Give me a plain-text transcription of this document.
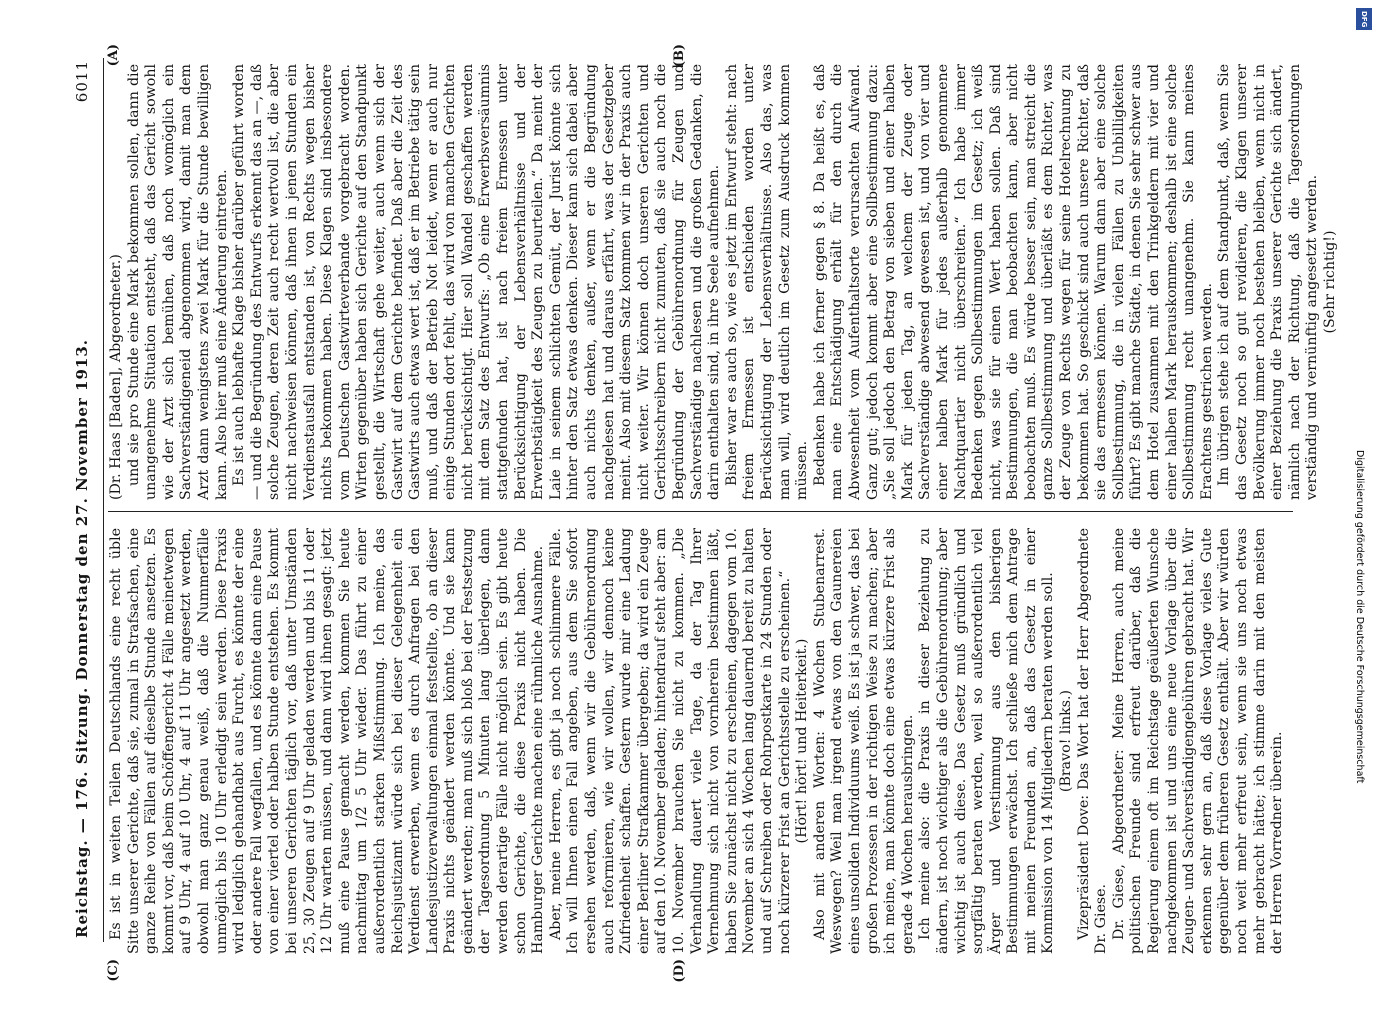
Reichstag. — 176. Sitzung. Donnerstag den 27. November 1913.
6011
(A)	(B)
(C)	(D)

(Dr. Haas [Baden], Abgeordneter.) und sie pro Stunde eine Mark bekommen sollen, dann die unangenehme Situation entsteht, daß das Gericht sowohl wie der Arzt sich bemühen, daß noch womöglich ein Sachverständigeneid abgenommen wird, damit man dem Arzt dann wenigstens zwei Mark für die Stunde bewilligen kann. Also hier muß eine Änderung eintreten. Es ist auch lebhafte Klage bisher darüber geführt worden — und die Begründung des Entwurfs erkennt das an —, daß solche Zeugen, deren Zeit auch recht wertvoll ist, die aber nicht nachweisen können, daß ihnen in jenen Stunden ein Verdienstausfall entstanden ist, von Rechts wegen bisher nichts bekommen haben. Diese Klagen sind insbesondere vom Deutschen Gastwirteverbande vorgebracht worden. Wirten gegenüber haben sich Gerichte auf den Standpunkt gestellt, die Wirtschaft gehe weiter, auch wenn sich der Gastwirt auf dem Gerichte befindet. Daß aber die Zeit des Gastwirts auch etwas wert ist, daß er im Betriebe tätig sein muß, und daß der Betrieb Not leidet, wenn er auch nur einige Stunden dort fehlt, das wird von manchen Gerichten nicht berücksichtigt. Hier soll Wandel geschaffen werden mit dem Satz des Entwurfs: „Ob eine Erwerbsversäumnis stattgefunden hat, ist nach freiem Ermessen unter Berücksichtigung der Lebensverhältnisse und der Erwerbstätigkeit des Zeugen zu beurteilen.“ Da meint der Laie in seinem schlichten Gemüt, der Jurist könnte sich hinter den Satz etwas denken. Dieser kann sich dabei aber auch nichts denken, außer, wenn er die Begründung nachgelesen hat und daraus erfährt, was der Gesetzgeber meint. Also mit diesem Satz kommen wir in der Praxis auch nicht weiter. Wir können doch unseren Gerichten und Gerichtsschreibern nicht zumuten, daß sie auch noch die Begründung der Gebührenordnung für Zeugen und Sachverständige nachlesen und die großen Gedanken, die darin enthalten sind, in ihre Seele aufnehmen. Bisher war es auch so, wie es jetzt im Entwurf steht: nach freiem Ermessen ist entschieden worden unter Berücksichtigung der Lebensverhältnisse. Also das, was man will, wird deutlich im Gesetz zum Ausdruck kommen müssen. Bedenken habe ich ferner gegen § 8. Da heißt es, daß man eine Entschädigung erhält für den durch die Abwesenheit vom Aufenthaltsorte verursachten Aufwand. Ganz gut; jedoch kommt aber eine Sollbestimmung dazu: „Sie soll jedoch den Betrag von sieben und einer halben Mark für jeden Tag, an welchem der Zeuge oder Sachverständige abwesend gewesen ist, und von vier und einer halben Mark für jedes außerhalb genommene Nachtquartier nicht überschreiten.“ Ich habe immer Bedenken gegen Sollbestimmungen im Gesetz; ich weiß nicht, was sie für einen Wert haben sollen. Daß sind Bestimmungen, die man beobachten kann, aber nicht beobachten muß. Es würde besser sein, man streicht die ganze Sollbestimmung und überläßt es dem Richter, was der Zeuge von Rechts wegen für seine Hotelrechnung zu bekommen hat. So geschickt sind auch unsere Richter, daß sie das ermessen können. Warum dann aber eine solche Sollbestimmung, die in vielen Fällen zu Unbilligkeiten führt? Es gibt manche Städte, in denen Sie sehr schwer aus dem Hotel zusammen mit den Trinkgeldern mit vier und einer halben Mark herauskommen; deshalb ist eine solche Sollbestimmung recht unangenehm. Sie kann meines Erachtens gestrichen werden. Im übrigen stehe ich auf dem Standpunkt, daß, wenn Sie das Gesetz noch so gut revidieren, die Klagen unserer Bevölkerung immer noch bestehen bleiben, wenn nicht in einer Beziehung die Praxis unserer Gerichte sich ändert, nämlich nach der Richtung, daß die Tagesordnungen verständig und vernünftig angesetzt werden. (Sehr richtig!)

Es ist in weiten Teilen Deutschlands eine recht üble Sitte unserer Gerichte, daß sie, zumal in Strafsachen, eine ganze Reihe von Fällen auf dieselbe Stunde ansetzen. Es kommt vor, daß beim Schöffengericht 4 Fälle meinetwegen auf 9 Uhr, 4 auf 10 Uhr, 4 auf 11 Uhr angesetzt werden, obwohl man ganz genau weiß, daß die Nummerfälle unmöglich bis 10 Uhr erledigt sein werden. Diese Praxis wird lediglich gehandhabt aus Furcht, es könnte der eine oder andere Fall wegfallen, und es könnte dann eine Pause von einer viertel oder halben Stunde entstehen. Es kommt bei unseren Gerichten täglich vor, daß unter Umständen 25, 30 Zeugen auf 9 Uhr geladen werden und bis 11 oder 12 Uhr warten müssen, und dann wird ihnen gesagt: jetzt muß eine Pause gemacht werden, kommen Sie heute nachmittag um 1/2 5 Uhr wieder. Das führt zu einer außerordentlich starken Mißstimmung. Ich meine, das Reichsjustizamt würde sich bei dieser Gelegenheit ein Verdienst erwerben, wenn es durch Anfragen bei den Landesjustizverwaltungen einmal feststellte, ob an dieser Praxis nichts geändert werden könnte. Und sie kann geändert werden; man muß sich bloß bei der Festsetzung der Tagesordnung 5 Minuten lang überlegen, dann werden derartige Fälle nicht möglich sein. Es gibt heute schon Gerichte, die diese Praxis nicht haben. Die Hamburger Gerichte machen eine rühmliche Ausnahme. Aber, meine Herren, es gibt ja noch schlimmere Fälle. Ich will Ihnen einen Fall angeben, aus dem Sie sofort ersehen werden, daß, wenn wir die Gebührenordnung auch reformieren, wie wir wollen, wir dennoch keine Zufriedenheit schaffen. Gestern wurde mir eine Ladung einer Berliner Strafkammer übergeben; da wird ein Zeuge auf den 10. November geladen; hintendrauf steht aber: am 10. November brauchen Sie nicht zu kommen. „Die Verhandlung dauert viele Tage, da der Tag Ihrer Vernehmung sich nicht von vornherein bestimmen läßt, haben Sie zunächst nicht zu erscheinen, dagegen vom 10. November an sich 4 Wochen lang dauernd bereit zu halten und auf Schreiben oder Rohrpostkarte in 24 Stunden oder noch kürzerer Frist an Gerichtsstelle zu erscheinen.“ (Hört! hört! und Heiterkeit.) Also mit anderen Worten: 4 Wochen Stubenarrest. Weswegen? Weil man irgend etwas von den Gaunereien eines unsoliden Individuums weiß. Es ist ja schwer, das bei großen Prozessen in der richtigen Weise zu machen; aber ich meine, man könnte doch eine etwas kürzere Frist als gerade 4 Wochen herausbringen. Ich meine also: die Praxis in dieser Beziehung zu ändern, ist noch wichtiger als die Gebührenordnung; aber wichtig ist auch diese. Das Gesetz muß gründlich und sorgfältig beraten werden, weil so außerordentlich viel Ärger und Verstimmung aus den bisherigen Bestimmungen erwächst. Ich schließe mich dem Antrage mit meinen Freunden an, daß das Gesetz in einer Kommission von 14 Mitgliedern beraten werden soll. (Bravo! links.) Vizepräsident Dove: Das Wort hat der Herr Abgeordnete Dr. Giese. Dr. Giese, Abgeordneter: Meine Herren, auch meine politischen Freunde sind erfreut darüber, daß die Regierung einem oft im Reichstage geäußerten Wunsche nachgekommen ist und uns eine neue Vorlage über die Zeugen- und Sachverständigengebühren gebracht hat. Wir erkennen sehr gern an, daß diese Vorlage vieles Gute gegenüber dem früheren Gesetz enthält. Aber wir würden noch weit mehr erfreut sein, wenn sie uns noch etwas mehr gebracht hätte; ich stimme darin mit den meisten der Herren Vorredner überein.

Digitalisierung gefördert durch die Deutsche Forschungsgemeinschaft
DFG
